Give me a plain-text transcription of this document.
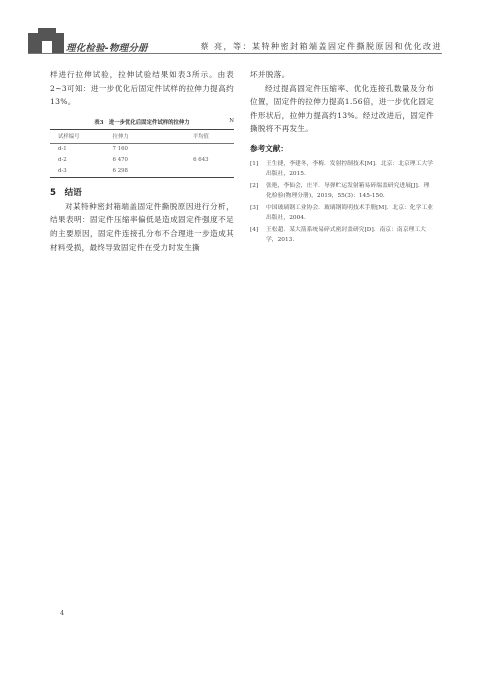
理化检验-物理分册	蔡 亮，等：某特种密封箱端盖固定件撕脱原因和优化改进

样进行拉伸试验，拉伸试验结果如表3所示。由表2~3可知：进一步优化后固定件试样的拉伸力提高约13%。

表3　进一步优化后固定件试样的拉伸力	N
试样编号	拉伸力	平均值
d-1	7 160	
d-2	6 470	6 643
d-3	6 298	
5　结语

对某特种密封箱端盖固定件撕脱原因进行分析，结果表明：固定件压缩率偏低是造成固定件强度不足的主要原因，固定件连接孔分布不合理进一步造成其材料受损，最终导致固定件在受力时发生撕

坏并脱落。

经过提高固定件压缩率、优化连接孔数量及分布位置，固定件的拉伸力提高1.56倍，进一步优化固定件形状后，拉伸力提高约13%。经过改进后，固定件撕脱将不再发生。

参考文献：
[1] 王生捷，李建冬，李梅．发射控制技术[M]．北京：北京理工大学出版社，2015.
[2] 张艳，李仙会，庄平．导弹贮运发射箱易碎端盖研究进展[J]．理化检验(物理分册)，2019，55(3)：145-150.
[3] 中国玻璃钢工业协会．玻璃钢简明技术手册[M]．北京：化学工业出版社，2004.
[4] 王松超．某大箭系统易碎式密封盖研究[D]．南京：南京理工大学，2013.
4
